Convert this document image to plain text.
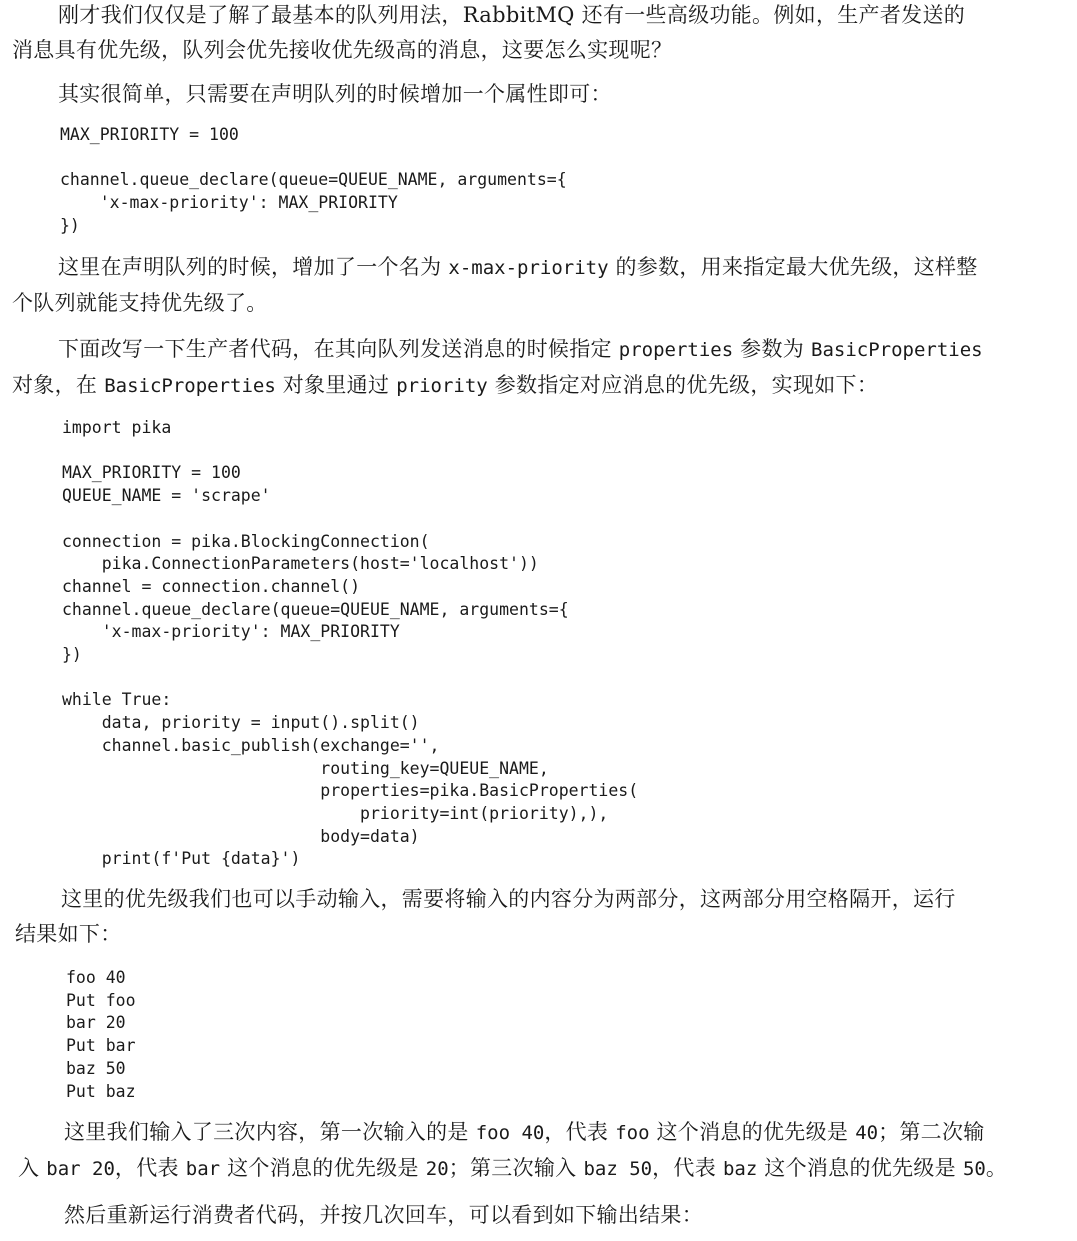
刚才我们仅仅是了解了最基本的队列用法，RabbitMQ 还有一些高级功能。例如，生产者发送的
消息具有优先级，队列会优先接收优先级高的消息，这要怎么实现呢？

其实很简单，只需要在声明队列的时候增加一个属性即可：

MAX_PRIORITY = 100

channel.queue_declare(queue=QUEUE_NAME, arguments={
'x-max-priority': MAX_PRIORITY
})

这里在声明队列的时候，增加了一个名为 x-max-priority 的参数，用来指定最大优先级，这样整
个队列就能支持优先级了。

下面改写一下生产者代码，在其向队列发送消息的时候指定 properties 参数为 BasicProperties
对象，在 BasicProperties 对象里通过 priority 参数指定对应消息的优先级，实现如下：

import pika

MAX_PRIORITY = 100
QUEUE_NAME = 'scrape'

connection = pika.BlockingConnection(
pika.ConnectionParameters(host='localhost'))
channel = connection.channel()
channel.queue_declare(queue=QUEUE_NAME, arguments={
'x-max-priority': MAX_PRIORITY
})

while True:
data, priority = input().split()
channel.basic_publish(exchange='',
routing_key=QUEUE_NAME,
properties=pika.BasicProperties(
priority=int(priority),),
body=data)
print(f'Put {data}')

这里的优先级我们也可以手动输入，需要将输入的内容分为两部分，这两部分用空格隔开，运行
结果如下：

foo 40
Put foo
bar 20
Put bar
baz 50
Put baz

这里我们输入了三次内容，第一次输入的是 foo 40，代表 foo 这个消息的优先级是 40；第二次输
入 bar 20，代表 bar 这个消息的优先级是 20；第三次输入 baz 50，代表 baz 这个消息的优先级是 50。

然后重新运行消费者代码，并按几次回车，可以看到如下输出结果：
